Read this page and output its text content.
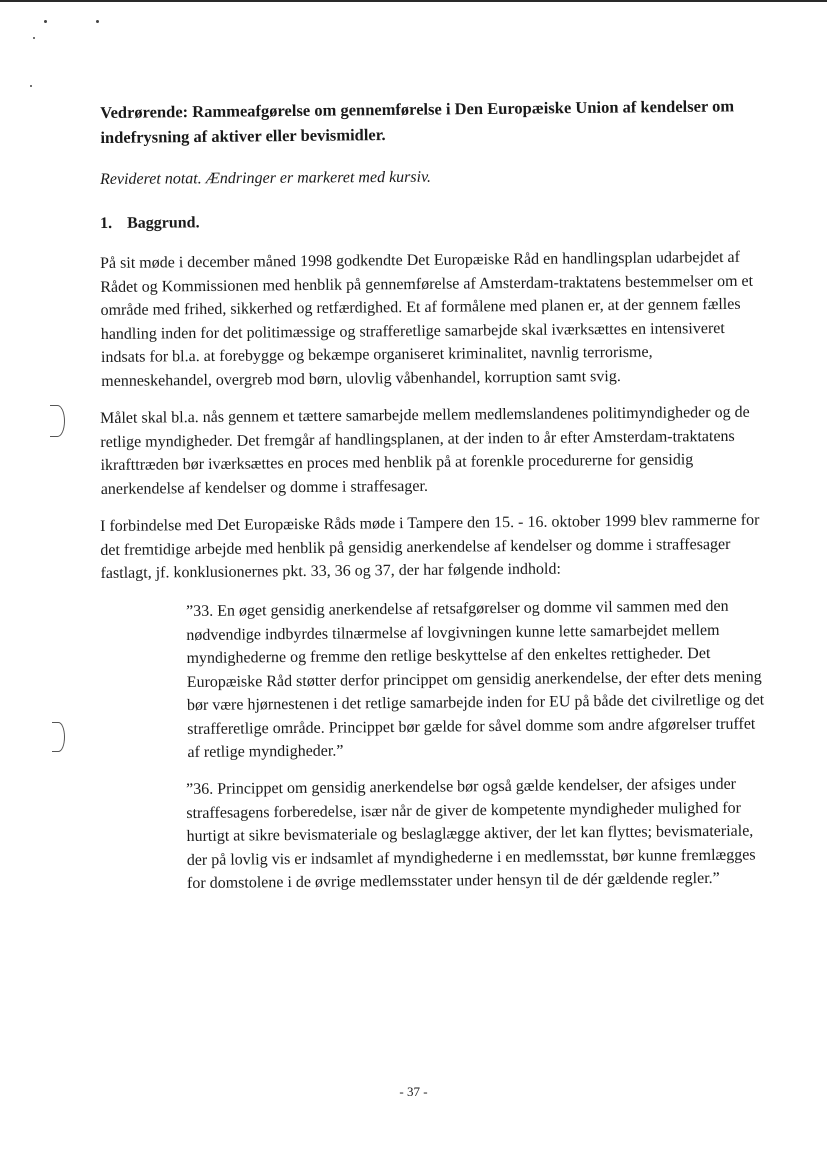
Vedrørende: Rammeafgørelse om gennemførelse i Den Europæiske Union af kendelser om indefrysning af aktiver eller bevismidler.

Revideret notat. Ændringer er markeret med kursiv.

1. Baggrund.

På sit møde i december måned 1998 godkendte Det Europæiske Råd en handlingsplan udarbejdet af Rådet og Kommissionen med henblik på gennemførelse af Amsterdam-traktatens bestemmelser om et område med frihed, sikkerhed og retfærdighed. Et af formålene med planen er, at der gennem fælles handling inden for det politimæssige og strafferetlige samarbejde skal iværksættes en intensiveret indsats for bl.a. at forebygge og bekæmpe organiseret kriminalitet, navnlig terrorisme, menneskehandel, overgreb mod børn, ulovlig våbenhandel, korruption samt svig.

Målet skal bl.a. nås gennem et tættere samarbejde mellem medlemslandenes politimyndigheder og de retlige myndigheder. Det fremgår af handlingsplanen, at der inden to år efter Amsterdam-traktatens ikrafttræden bør iværksættes en proces med henblik på at forenkle procedurerne for gensidig anerkendelse af kendelser og domme i straffesager.

I forbindelse med Det Europæiske Råds møde i Tampere den 15. - 16. oktober 1999 blev rammerne for det fremtidige arbejde med henblik på gensidig anerkendelse af kendelser og domme i straffesager fastlagt, jf. konklusionernes pkt. 33, 36 og 37, der har følgende indhold:

”33. En øget gensidig anerkendelse af retsafgørelser og domme vil sammen med den nødvendige indbyrdes tilnærmelse af lovgivningen kunne lette samarbejdet mellem myndighederne og fremme den retlige beskyttelse af den enkeltes rettigheder. Det Europæiske Råd støtter derfor princippet om gensidig anerkendelse, der efter dets mening bør være hjørnestenen i det retlige samarbejde inden for EU på både det civilretlige og det strafferetlige område. Princippet bør gælde for såvel domme som andre afgørelser truffet af retlige myndigheder.”

”36. Princippet om gensidig anerkendelse bør også gælde kendelser, der afsiges under straffesagens forberedelse, især når de giver de kompetente myndigheder mulighed for hurtigt at sikre bevismateriale og beslaglægge aktiver, der let kan flyttes; bevismateriale, der på lovlig vis er indsamlet af myndighederne i en medlemsstat, bør kunne fremlægges for domstolene i de øvrige medlemsstater under hensyn til de dér gældende regler.”

- 37 -
